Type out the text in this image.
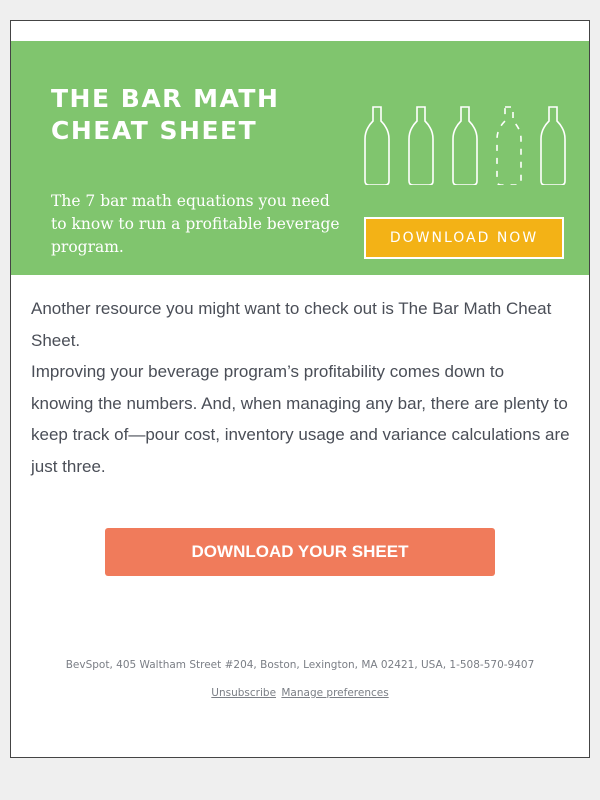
THE BAR MATH
CHEAT SHEET

The 7 bar math equations you need to know to run a profitable beverage program.	DOWNLOAD NOW

Another resource you might want to check out is The Bar Math Cheat Sheet.

Improving your beverage program’s profitability comes down to knowing the numbers. And, when managing any bar, there are plenty to keep track of—pour cost, inventory usage and variance calculations are just three.

DOWNLOAD YOUR SHEET

BevSpot, 405 Waltham Street #204, Boston, Lexington, MA 02421, USA, 1-508-570-9407

Unsubscribe Manage preferences
